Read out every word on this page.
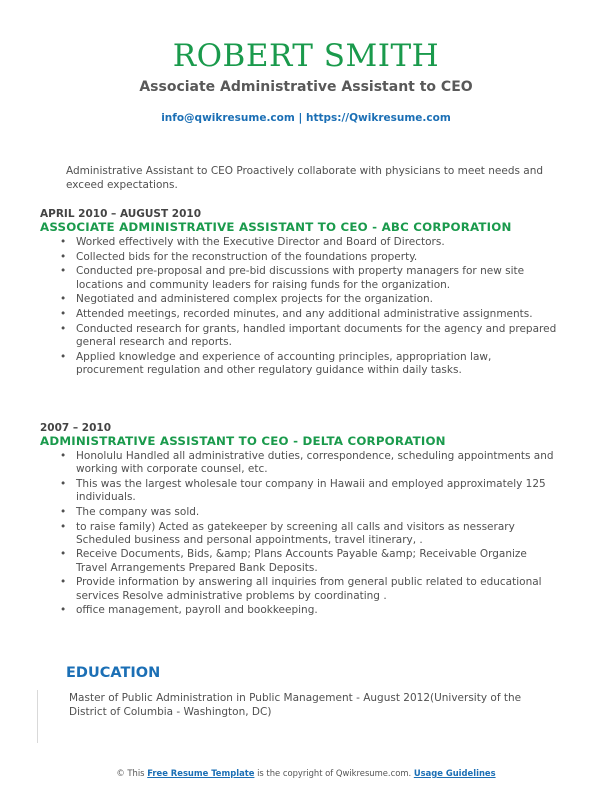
ROBERT SMITH
Associate Administrative Assistant to CEO
info@qwikresume.com | https://Qwikresume.com
Administrative Assistant to CEO Proactively collaborate with physicians to meet needs and exceed expectations.
APRIL 2010 – AUGUST 2010
ASSOCIATE ADMINISTRATIVE ASSISTANT TO CEO - ABC CORPORATION
• Worked effectively with the Executive Director and Board of Directors.
• Collected bids for the reconstruction of the foundations property.
• Conducted pre-proposal and pre-bid discussions with property managers for new site locations and community leaders for raising funds for the organization.
• Negotiated and administered complex projects for the organization.
• Attended meetings, recorded minutes, and any additional administrative assignments.
• Conducted research for grants, handled important documents for the agency and prepared general research and reports.
• Applied knowledge and experience of accounting principles, appropriation law, procurement regulation and other regulatory guidance within daily tasks.
2007 – 2010
ADMINISTRATIVE ASSISTANT TO CEO - DELTA CORPORATION
• Honolulu Handled all administrative duties, correspondence, scheduling appointments and working with corporate counsel, etc.
• This was the largest wholesale tour company in Hawaii and employed approximately 125 individuals.
• The company was sold.
• to raise family) Acted as gatekeeper by screening all calls and visitors as nesserary Scheduled business and personal appointments, travel itinerary, .
• Receive Documents, Bids, &amp; Plans Accounts Payable &amp; Receivable Organize Travel Arrangements Prepared Bank Deposits.
• Provide information by answering all inquiries from general public related to educational services Resolve administrative problems by coordinating .
• office management, payroll and bookkeeping.
EDUCATION
Master of Public Administration in Public Management - August 2012(University of the District of Columbia - Washington, DC)
© This Free Resume Template is the copyright of Qwikresume.com. Usage Guidelines
